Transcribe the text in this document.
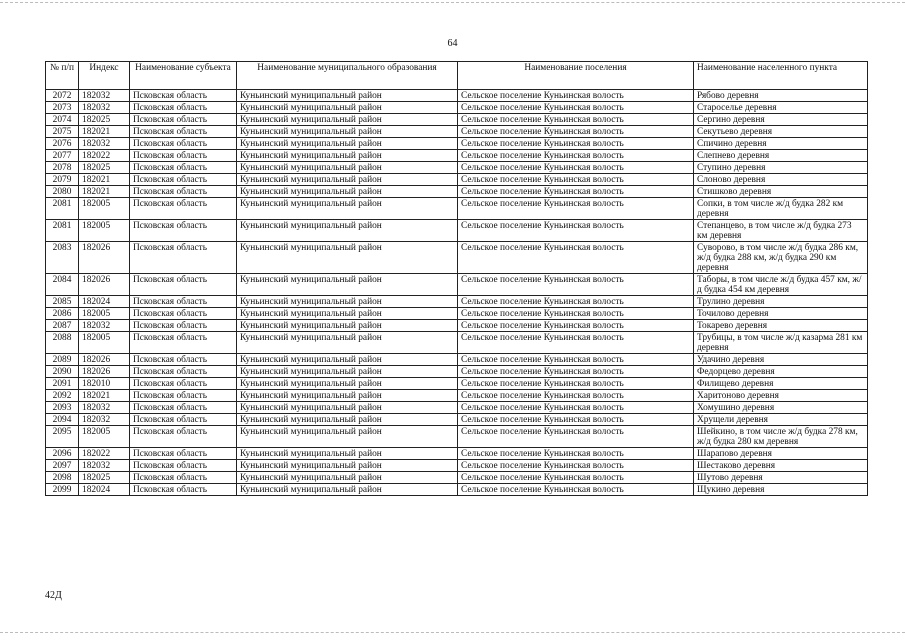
64
№ п/п	Индекс	Наименование субъекта	Наименование муниципального образования	Наименование поселения	Наименование населенного пункта
2072	182032	Псковская область	Куньинский муниципальный район	Сельское поселение Куньинская волость	Рябово деревня
2073	182032	Псковская область	Куньинский муниципальный район	Сельское поселение Куньинская волость	Староселье деревня
2074	182025	Псковская область	Куньинский муниципальный район	Сельское поселение Куньинская волость	Сергино деревня
2075	182021	Псковская область	Куньинский муниципальный район	Сельское поселение Куньинская волость	Секутьево деревня
2076	182032	Псковская область	Куньинский муниципальный район	Сельское поселение Куньинская волость	Спичино деревня
2077	182022	Псковская область	Куньинский муниципальный район	Сельское поселение Куньинская волость	Слепнево деревня
2078	182025	Псковская область	Куньинский муниципальный район	Сельское поселение Куньинская волость	Ступино деревня
2079	182021	Псковская область	Куньинский муниципальный район	Сельское поселение Куньинская волость	Слоново деревня
2080	182021	Псковская область	Куньинский муниципальный район	Сельское поселение Куньинская волость	Стишково деревня
2081	182005	Псковская область	Куньинский муниципальный район	Сельское поселение Куньинская волость	Сопки, в том числе ж/д будка 282 км деревня
2081	182005	Псковская область	Куньинский муниципальный район	Сельское поселение Куньинская волость	Степанцево, в том числе ж/д будка 273 км деревня
2083	182026	Псковская область	Куньинский муниципальный район	Сельское поселение Куньинская волость	Суворово, в том числе ж/д будка 286 км, ж/д будка 288 км, ж/д будка 290 км деревня
2084	182026	Псковская область	Куньинский муниципальный район	Сельское поселение Куньинская волость	Таборы, в том числе ж/д будка 457 км, ж/д будка 454 км деревня
2085	182024	Псковская область	Куньинский муниципальный район	Сельское поселение Куньинская волость	Трулино деревня
2086	182005	Псковская область	Куньинский муниципальный район	Сельское поселение Куньинская волость	Точилово деревня
2087	182032	Псковская область	Куньинский муниципальный район	Сельское поселение Куньинская волость	Токарево деревня
2088	182005	Псковская область	Куньинский муниципальный район	Сельское поселение Куньинская волость	Трубицы, в том числе ж/д казарма 281 км деревня
2089	182026	Псковская область	Куньинский муниципальный район	Сельское поселение Куньинская волость	Удачино деревня
2090	182026	Псковская область	Куньинский муниципальный район	Сельское поселение Куньинская волость	Федорцево деревня
2091	182010	Псковская область	Куньинский муниципальный район	Сельское поселение Куньинская волость	Филищево деревня
2092	182021	Псковская область	Куньинский муниципальный район	Сельское поселение Куньинская волость	Харитоново деревня
2093	182032	Псковская область	Куньинский муниципальный район	Сельское поселение Куньинская волость	Хомушино деревня
2094	182032	Псковская область	Куньинский муниципальный район	Сельское поселение Куньинская волость	Хрущели деревня
2095	182005	Псковская область	Куньинский муниципальный район	Сельское поселение Куньинская волость	Шейкино, в том числе ж/д будка 278 км, ж/д будка 280 км деревня
2096	182022	Псковская область	Куньинский муниципальный район	Сельское поселение Куньинская волость	Шарапово деревня
2097	182032	Псковская область	Куньинский муниципальный район	Сельское поселение Куньинская волость	Шестаково деревня
2098	182025	Псковская область	Куньинский муниципальный район	Сельское поселение Куньинская волость	Шутово деревня
2099	182024	Псковская область	Куньинский муниципальный район	Сельское поселение Куньинская волость	Щукино деревня
42Д
